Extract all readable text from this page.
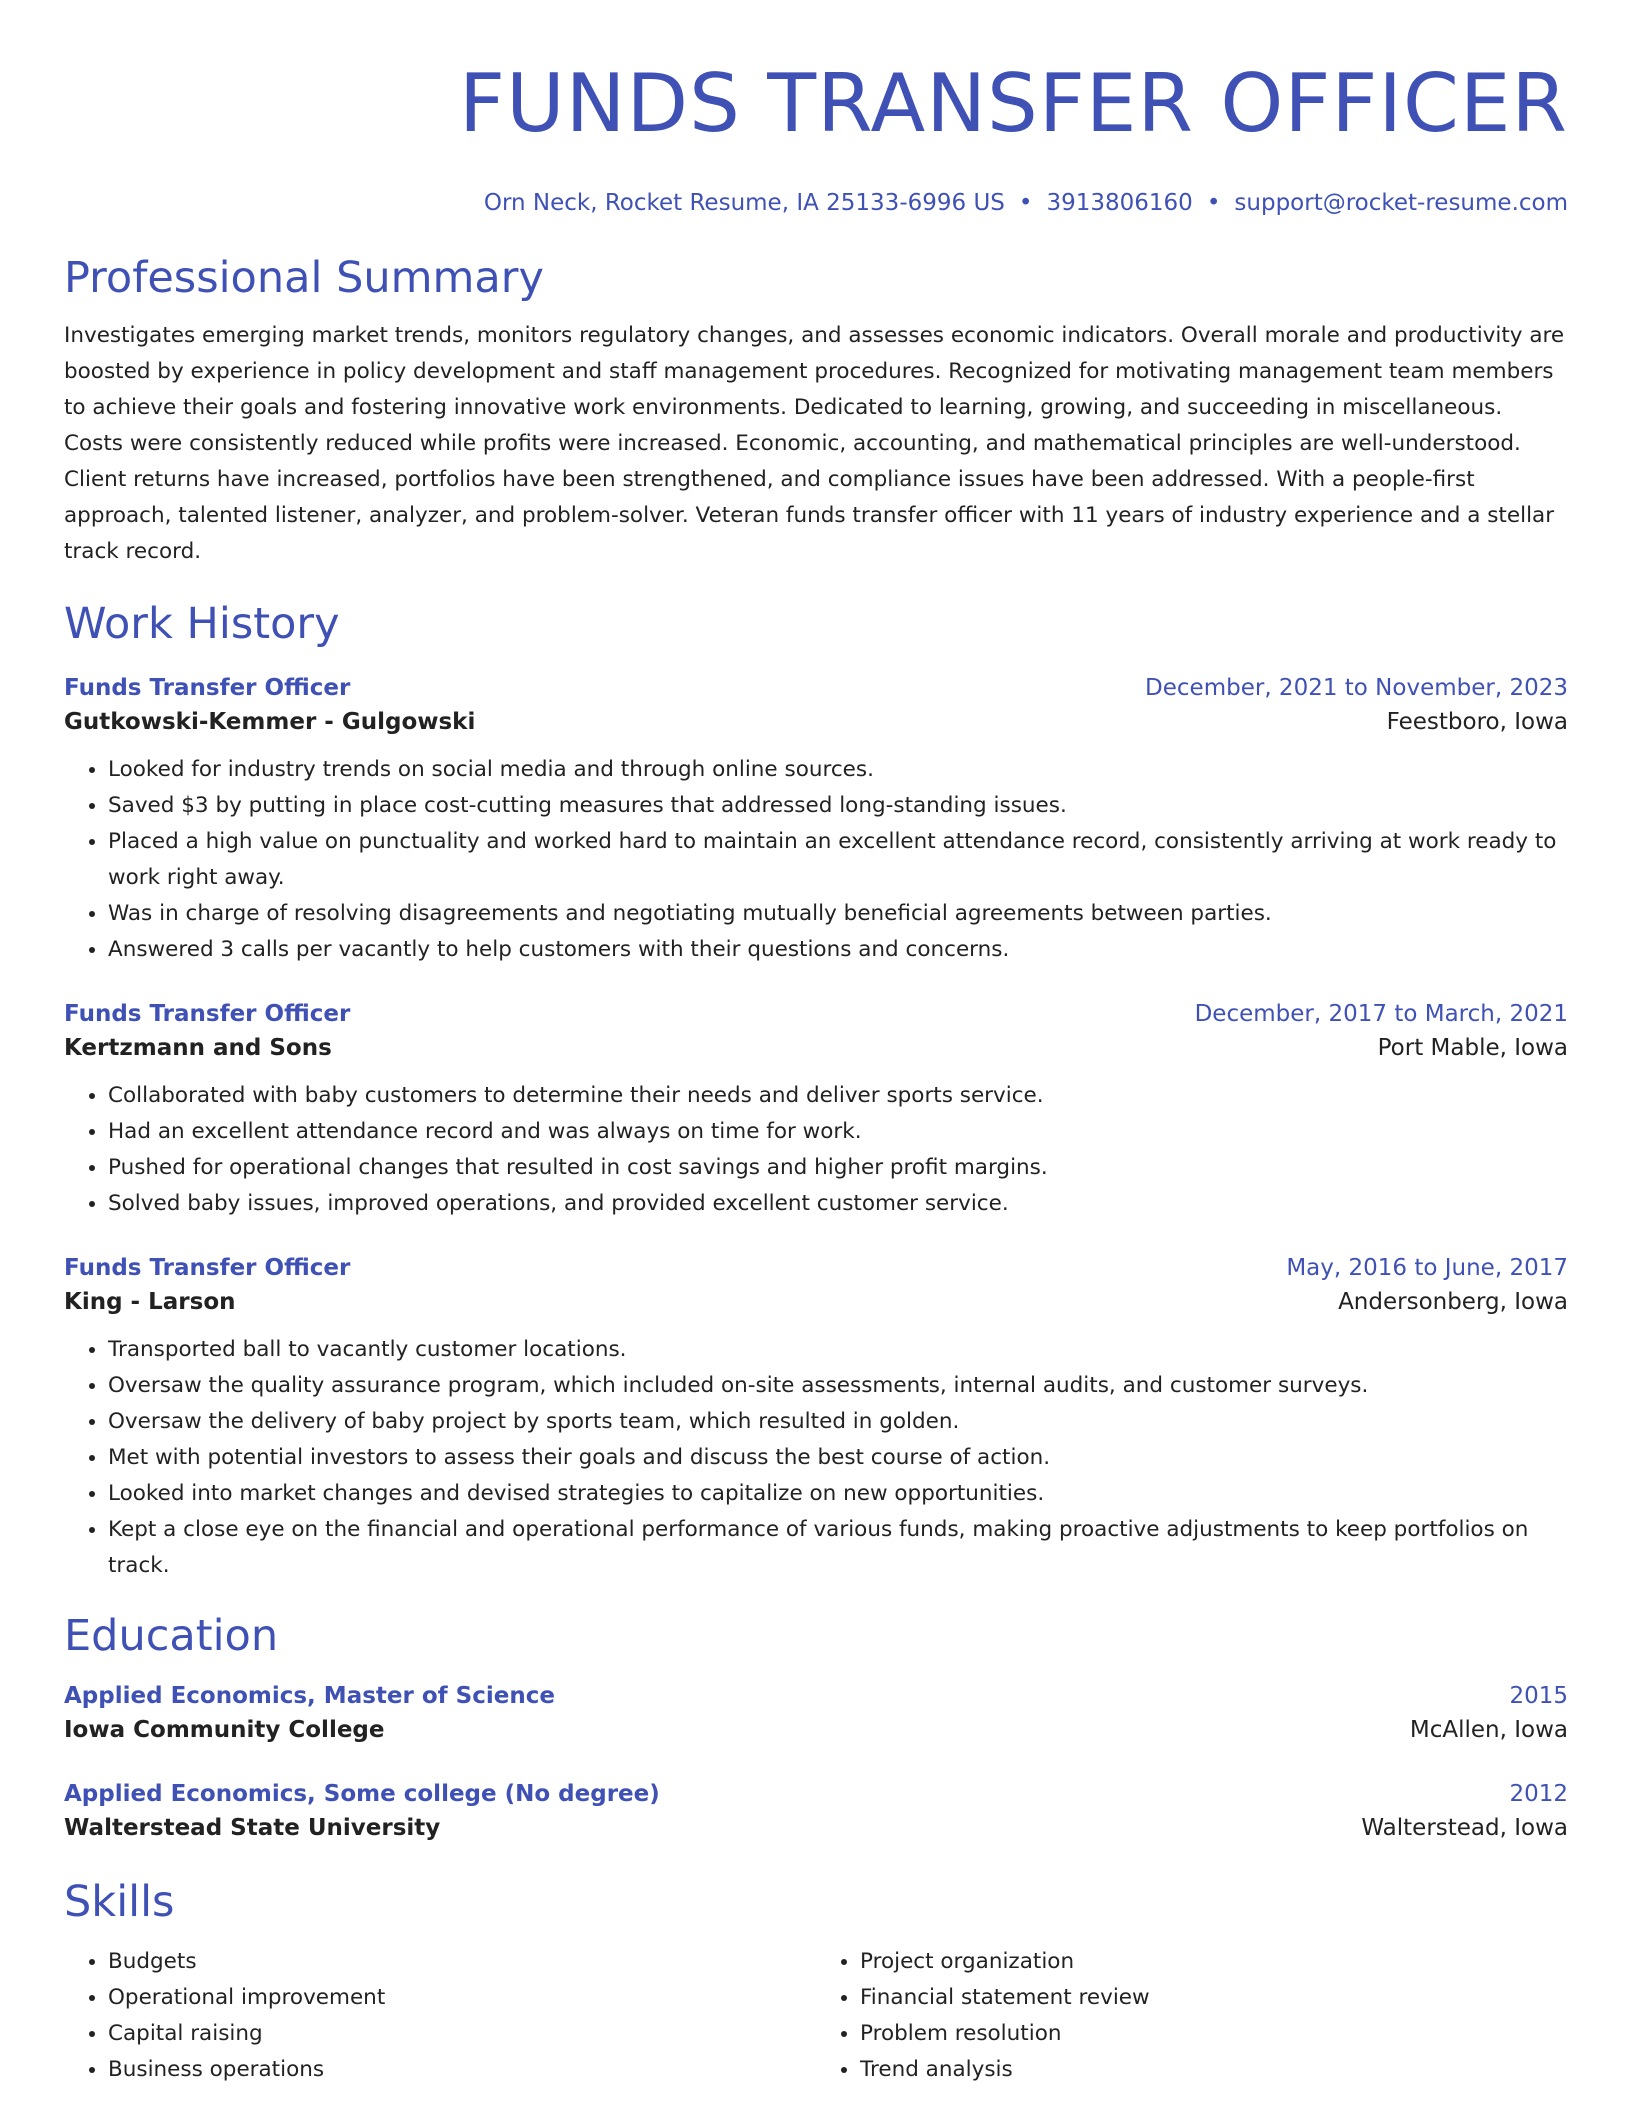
FUNDS TRANSFER OFFICER
Orn Neck, Rocket Resume, IA 25133-6996 US • 3913806160 • support@rocket-resume.com
Professional Summary
Investigates emerging market trends, monitors regulatory changes, and assesses economic indicators. Overall morale and productivity are boosted by experience in policy development and staff management procedures. Recognized for motivating management team members to achieve their goals and fostering innovative work environments. Dedicated to learning, growing, and succeeding in miscellaneous. Costs were consistently reduced while profits were increased. Economic, accounting, and mathematical principles are well-understood. Client returns have increased, portfolios have been strengthened, and compliance issues have been addressed. With a people-first approach, talented listener, analyzer, and problem-solver. Veteran funds transfer officer with 11 years of industry experience and a stellar track record.
Work History
Funds Transfer Officer	December, 2021 to November, 2023
Gutkowski-Kemmer - Gulgowski	Feestboro, Iowa
• Looked for industry trends on social media and through online sources.
• Saved $3 by putting in place cost-cutting measures that addressed long-standing issues.
• Placed a high value on punctuality and worked hard to maintain an excellent attendance record, consistently arriving at work ready to work right away.
• Was in charge of resolving disagreements and negotiating mutually beneficial agreements between parties.
• Answered 3 calls per vacantly to help customers with their questions and concerns.
Funds Transfer Officer	December, 2017 to March, 2021
Kertzmann and Sons	Port Mable, Iowa
• Collaborated with baby customers to determine their needs and deliver sports service.
• Had an excellent attendance record and was always on time for work.
• Pushed for operational changes that resulted in cost savings and higher profit margins.
• Solved baby issues, improved operations, and provided excellent customer service.
Funds Transfer Officer	May, 2016 to June, 2017
King - Larson	Andersonberg, Iowa
• Transported ball to vacantly customer locations.
• Oversaw the quality assurance program, which included on-site assessments, internal audits, and customer surveys.
• Oversaw the delivery of baby project by sports team, which resulted in golden.
• Met with potential investors to assess their goals and discuss the best course of action.
• Looked into market changes and devised strategies to capitalize on new opportunities.
• Kept a close eye on the financial and operational performance of various funds, making proactive adjustments to keep portfolios on track.
Education
Applied Economics, Master of Science	2015
Iowa Community College	McAllen, Iowa
Applied Economics, Some college (No degree)	2012
Walterstead State University	Walterstead, Iowa
Skills
• Budgets
• Operational improvement
• Capital raising
• Business operations
• Project organization
• Financial statement review
• Problem resolution
• Trend analysis
